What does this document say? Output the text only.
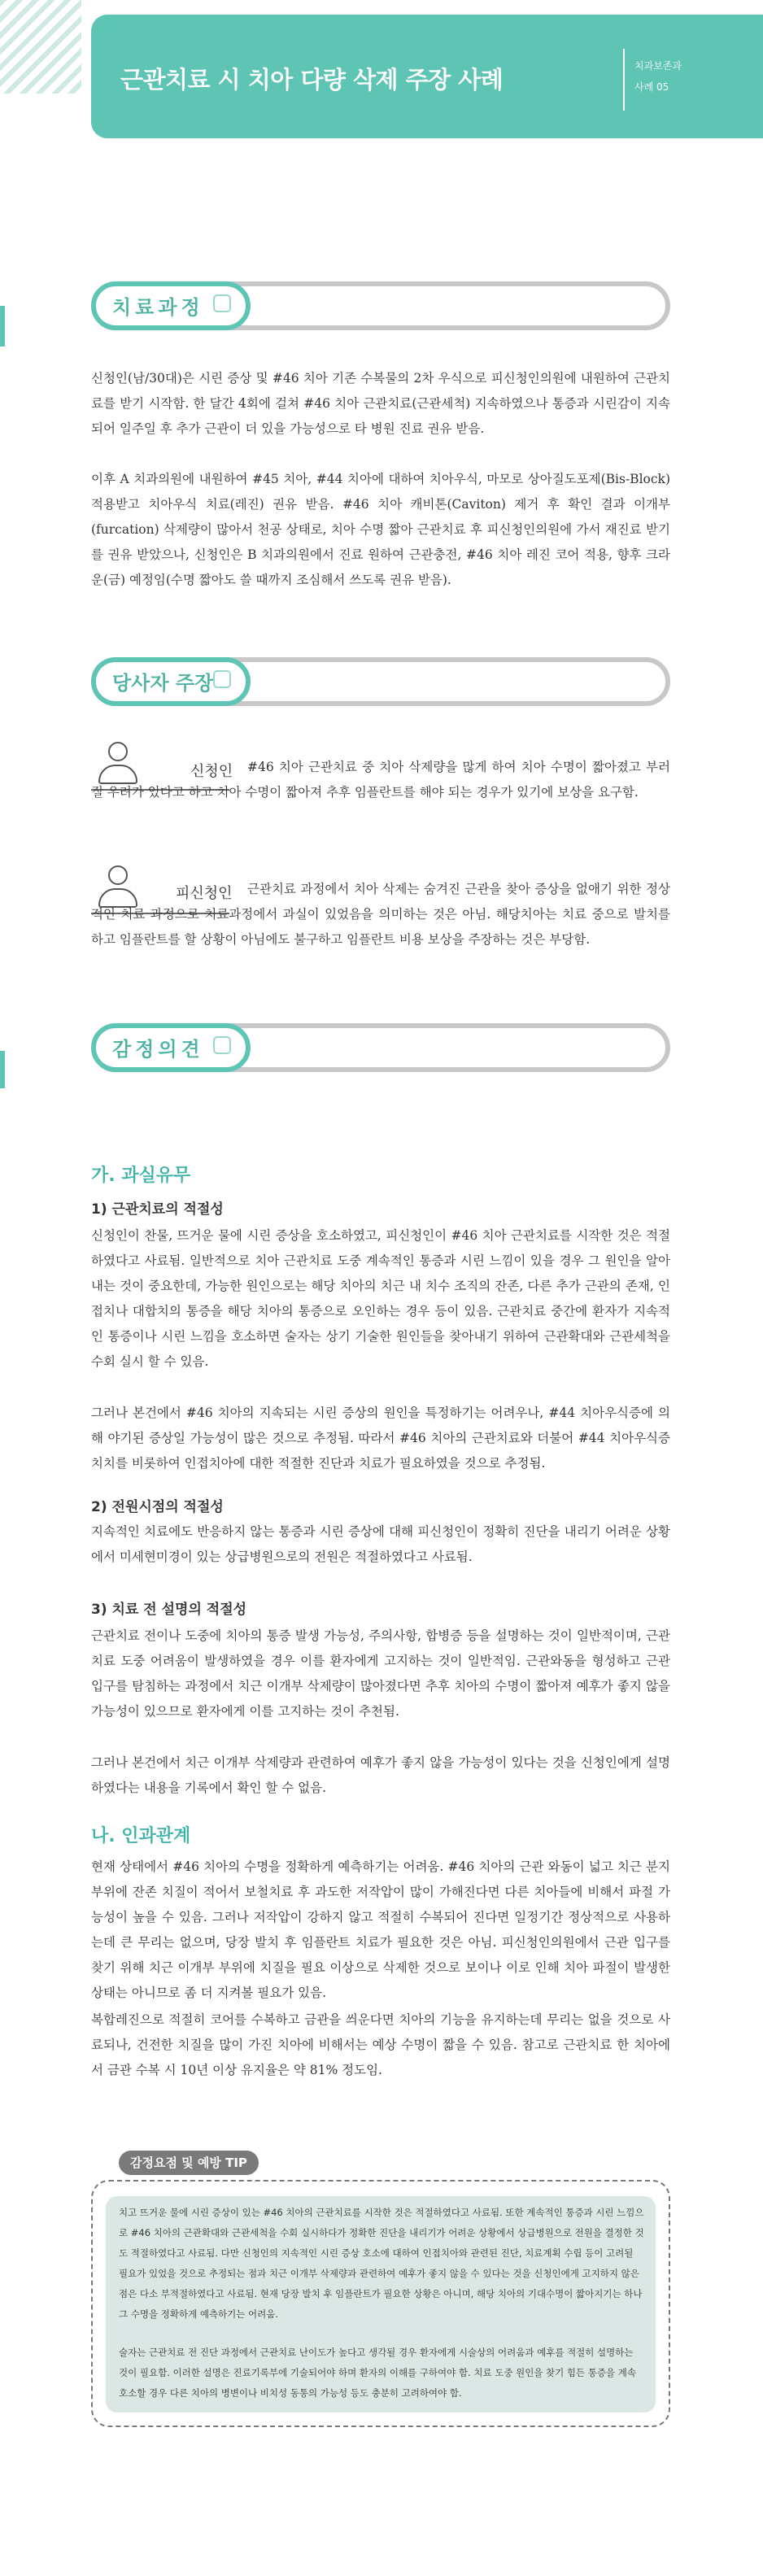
근관치료 시 치아 다량 삭제 주장 사례	치과보존과
사례 05
치료과정

신청인(남/30대)은 시린 증상 및 #46 치아 기존 수복물의 2차 우식으로 피신청인의원에 내원하여 근관치료를 받기 시작함. 한 달간 4회에 걸쳐 #46 치아 근관치료(근관세척) 지속하였으나 통증과 시린감이 지속되어 일주일 후 추가 근관이 더 있을 가능성으로 타 병원 진료 권유 받음.

이후 A 치과의원에 내원하여 #45 치아, #44 치아에 대하여 치아우식, 마모로 상아질도포제(Bis-Block) 적용받고 치아우식 치료(레진) 권유 받음. #46 치아 캐비톤(Caviton) 제거 후 확인 결과 이개부(furcation) 삭제량이 많아서 천공 상태로, 치아 수명 짧아 근관치료 후 피신청인의원에 가서 재진료 받기를 권유 받았으나, 신청인은 B 치과의원에서 진료 원하여 근관충전, #46 치아 레진 코어 적용, 향후 크라운(금) 예정임(수명 짧아도 쓸 때까지 조심해서 쓰도록 권유 받음).

당사자 주장
신청인	#46 치아 근관치료 중 치아 삭제량을 많게 하여 치아 수명이 짧아졌고 부러질 우려가 있다고 하고 치아 수명이 짧아져 추후 임플란트를 해야 되는 경우가 있기에 보상을 요구함.

피신청인	근관치료 과정에서 치아 삭제는 숨겨진 근관을 찾아 증상을 없애기 위한 정상적인 치료 과정으로 치료과정에서 과실이 있었음을 의미하는 것은 아님. 해당치아는 치료 중으로 발치를 하고 임플란트를 할 상황이 아님에도 불구하고 임플란트 비용 보상을 주장하는 것은 부당함.

감정의견
가. 과실유무
1) 근관치료의 적절성

신청인이 찬물, 뜨거운 물에 시린 증상을 호소하였고, 피신청인이 #46 치아 근관치료를 시작한 것은 적절하였다고 사료됨. 일반적으로 치아 근관치료 도중 계속적인 통증과 시린 느낌이 있을 경우 그 원인을 알아내는 것이 중요한데, 가능한 원인으로는 해당 치아의 치근 내 치수 조직의 잔존, 다른 추가 근관의 존재, 인접치나 대합치의 통증을 해당 치아의 통증으로 오인하는 경우 등이 있음. 근관치료 중간에 환자가 지속적인 통증이나 시린 느낌을 호소하면 술자는 상기 기술한 원인들을 찾아내기 위하여 근관확대와 근관세척을 수회 실시 할 수 있음.

그러나 본건에서 #46 치아의 지속되는 시린 증상의 원인을 특정하기는 어려우나, #44 치아우식증에 의해 야기된 증상일 가능성이 많은 것으로 추정됨. 따라서 #46 치아의 근관치료와 더불어 #44 치아우식증 치치를 비롯하여 인접치아에 대한 적절한 진단과 치료가 필요하였을 것으로 추정됨.

2) 전원시점의 적절성

지속적인 치료에도 반응하지 않는 통증과 시린 증상에 대해 피신청인이 정확히 진단을 내리기 어려운 상황에서 미세현미경이 있는 상급병원으로의 전원은 적절하였다고 사료됨.

3) 치료 전 설명의 적절성

근관치료 전이나 도중에 치아의 통증 발생 가능성, 주의사항, 합병증 등을 설명하는 것이 일반적이며, 근관치료 도중 어려움이 발생하였을 경우 이를 환자에게 고지하는 것이 일반적임. 근관와동을 형성하고 근관 입구를 탐침하는 과정에서 치근 이개부 삭제량이 많아졌다면 추후 치아의 수명이 짧아져 예후가 좋지 않을 가능성이 있으므로 환자에게 이를 고지하는 것이 추천됨.

그러나 본건에서 치근 이개부 삭제량과 관련하여 예후가 좋지 않을 가능성이 있다는 것을 신청인에게 설명하였다는 내용을 기록에서 확인 할 수 없음.

나. 인과관계

현재 상태에서 #46 치아의 수명을 정확하게 예측하기는 어려움. #46 치아의 근관 와동이 넓고 치근 분지 부위에 잔존 치질이 적어서 보철치료 후 과도한 저작압이 많이 가해진다면 다른 치아들에 비해서 파절 가능성이 높을 수 있음. 그러나 저작압이 강하지 않고 적절히 수복되어 진다면 일정기간 정상적으로 사용하는데 큰 무리는 없으며, 당장 발치 후 임플란트 치료가 필요한 것은 아님. 피신청인의원에서 근관 입구를 찾기 위해 치근 이개부 부위에 치질을 필요 이상으로 삭제한 것으로 보이나 이로 인해 치아 파절이 발생한 상태는 아니므로 좀 더 지켜볼 필요가 있음.

복합레진으로 적절히 코어를 수복하고 금관을 씌운다면 치아의 기능을 유지하는데 무리는 없을 것으로 사료되나, 건전한 치질을 많이 가진 치아에 비해서는 예상 수명이 짧을 수 있음. 참고로 근관치료 한 치아에서 금관 수복 시 10년 이상 유지율은 약 81% 정도임.

감정요점 및 예방 TIP

치고 뜨거운 물에 시린 증상이 있는 #46 치아의 근관치료를 시작한 것은 적절하였다고 사료됨. 또한 계속적인 통증과 시린 느낌으로 #46 치아의 근관확대와 근관세척을 수회 실시하다가 정확한 진단을 내리기가 어려운 상황에서 상급병원으로 전원을 결정한 것도 적절하였다고 사료됨. 다만 신청인의 지속적인 시린 증상 호소에 대하여 인접치아와 관련된 진단, 치료계획 수립 등이 고려될 필요가 있었을 것으로 추정되는 점과 치근 이개부 삭제량과 관련하여 예후가 좋지 않을 수 있다는 것을 신청인에게 고지하지 않은 점은 다소 부적절하였다고 사료됨. 현재 당장 발치 후 임플란트가 필요한 상황은 아니며, 해당 치아의 기대수명이 짧아지기는 하나 그 수명을 정확하게 예측하기는 어려움.

술자는 근관치료 전 진단 과정에서 근관치료 난이도가 높다고 생각될 경우 환자에게 시술상의 어려움과 예후를 적절히 설명하는 것이 필요함. 이러한 설명은 진료기록부에 기술되어야 하며 환자의 이해를 구하여야 함. 치료 도중 원인을 찾기 힘든 통증을 계속 호소할 경우 다른 치아의 병변이나 비치성 동통의 가능성 등도 충분히 고려하여야 함.
